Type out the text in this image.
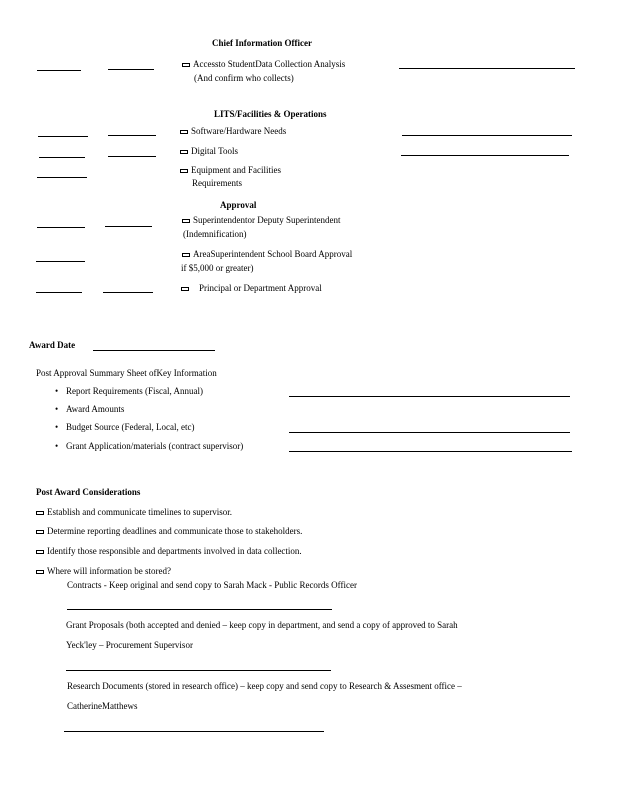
Chief Information Officer
Accessto StudentData Collection Analysis
(And confirm who collects)
LITS/Facilities & Operations
Software/Hardware Needs
Digital Tools
Equipment and Facilities
Requirements
Approval
Superintendentor Deputy Superintendent
(Indemnification)
AreaSuperintendent School Board Approval
if $5,000 or greater)
Principal or Department Approval
Award Date
Post Approval Summary Sheet ofKey Information
• Report Requirements (Fiscal, Annual)
• Award Amounts
• Budget Source (Federal, Local, etc)
• Grant Application/materials (contract supervisor)
Post Award Considerations
Establish and communicate timelines to supervisor.
Determine reporting deadlines and communicate those to stakeholders.
Identify those responsible and departments involved in data collection.
Where will information be stored?
Contracts - Keep original and send copy to Sarah Mack - Public Records Officer
Grant Proposals (both accepted and denied – keep copy in department, and send a copy of approved to Sarah
Yeck'ley – Procurement Supervisor
Research Documents (stored in research office) – keep copy and send copy to Research & Assesment office –
CatherineMatthews
